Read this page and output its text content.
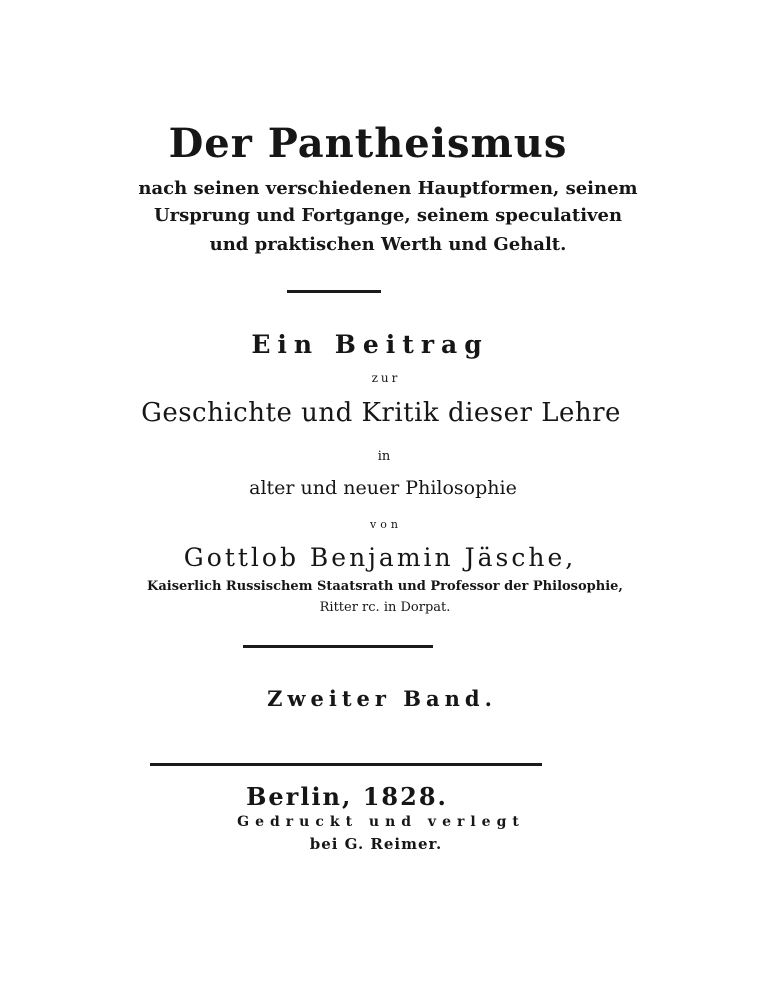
Der Pantheismus
nach seinen verschiedenen Hauptformen, seinem
Ursprung und Fortgange, seinem speculativen
und praktischen Werth und Gehalt.
Ein Beitrag
zur
Geschichte und Kritik dieser Lehre
in
alter und neuer Philosophie
von
Gottlob Benjamin Jäsche,
Kaiserlich Russischem Staatsrath und Professor der Philosophie,
Ritter rc. in Dorpat.
Zweiter Band.
Berlin, 1828.
Gedruckt und verlegt
bei G. Reimer.
